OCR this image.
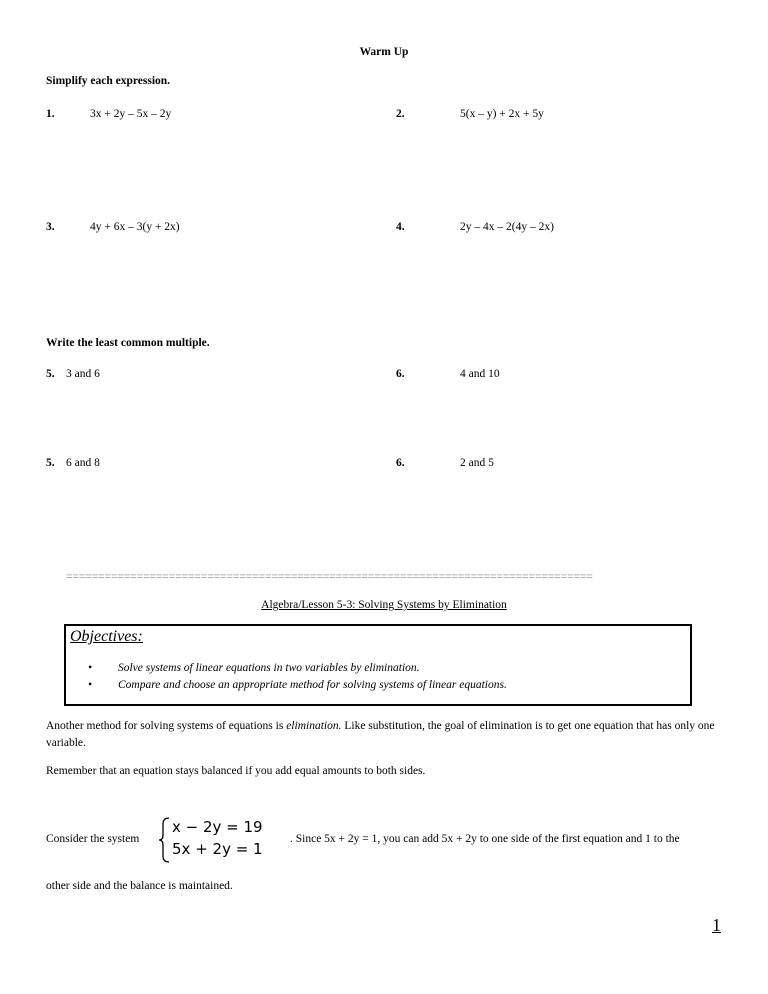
Warm Up
Simplify each expression.
1.	3x + 2y – 5x – 2y	2.	5(x – y) + 2x + 5y
3.	4y + 6x – 3(y + 2x)	4.	2y – 4x – 2(4y – 2x)
Write the least common multiple.
5. 3 and 6	6.	4 and 10
5. 6 and 8	6.	2 and 5
==================================================================================
Algebra/Lesson 5-3: Solving Systems by Elimination
Objectives:
• Solve systems of linear equations in two variables by elimination.
• Compare and choose an appropriate method for solving systems of linear equations.
Another method for solving systems of equations is elimination. Like substitution, the goal of elimination is to get one equation that has only one variable.
Remember that an equation stays balanced if you add equal amounts to both sides.
Consider the system
x − 2y = 19
5x + 2y = 1
. Since 5x + 2y = 1, you can add 5x + 2y to one side of the first equation and 1 to the
other side and the balance is maintained.
1
